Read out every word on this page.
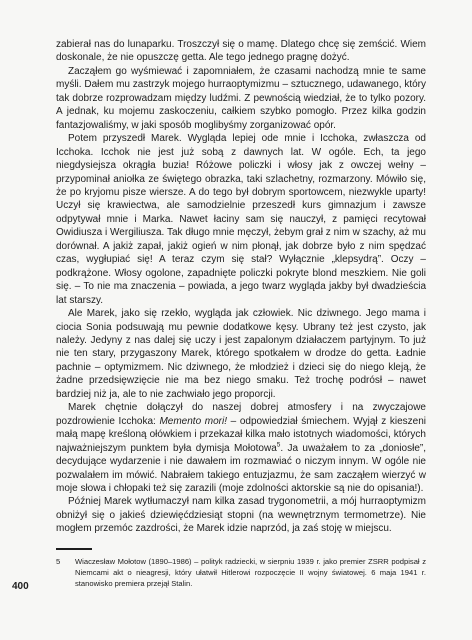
zabierał nas do lunaparku. Troszczył się o mamę. Dlatego chcę się zemścić. Wiem doskonale, że nie opuszczę getta. Ale tego jednego pragnę dożyć.

Zacząłem go wyśmiewać i zapomniałem, że czasami nachodzą mnie te same myśli. Dałem mu zastrzyk mojego hurraoptymizmu – sztucznego, udawanego, który tak dobrze rozprowadzam między ludźmi. Z pewnością wiedział, że to tylko pozory. A jednak, ku mojemu zaskoczeniu, całkiem szybko pomogło. Przez kilka godzin fantazjowaliśmy, w jaki sposób moglibyśmy zorganizować opór.

Potem przyszedł Marek. Wygląda lepiej ode mnie i Icchoka, zwłaszcza od Icchoka. Icchok nie jest już sobą z dawnych lat. W ogóle. Ech, ta jego niegdysiejsza okrągła buzia! Różowe policzki i włosy jak z owczej wełny – przypominał aniołka ze świętego obrazka, taki szlachetny, rozmarzony. Mówiło się, że po kryjomu pisze wiersze. A do tego był dobrym sportowcem, niezwykle uparty! Uczył się krawiectwa, ale samodzielnie przeszedł kurs gimnazjum i zawsze odpytywał mnie i Marka. Nawet łaciny sam się nauczył, z pamięci recytował Owidiusza i Wergiliusza. Tak długo mnie męczył, żebym grał z nim w szachy, aż mu dorównał. A jakiż zapał, jakiż ogień w nim płonął, jak dobrze było z nim spędzać czas, wygłupiać się! A teraz czym się stał? Wyłącznie „klepsydrą”. Oczy – podkrążone. Włosy ogolone, zapadnięte policzki pokryte blond meszkiem. Nie goli się. – To nie ma znaczenia – powiada, a jego twarz wygląda jakby był dwadzieścia lat starszy.

Ale Marek, jako się rzekło, wygląda jak człowiek. Nic dziwnego. Jego mama i ciocia Sonia podsuwają mu pewnie dodatkowe kęsy. Ubrany też jest czysto, jak należy. Jedyny z nas dalej się uczy i jest zapalonym działaczem partyjnym. To już nie ten stary, przygaszony Marek, którego spotkałem w drodze do getta. Ładnie pachnie – optymizmem. Nic dziwnego, że młodzież i dzieci się do niego kleją, że żadne przedsięwzięcie nie ma bez niego smaku. Też trochę podrósł – nawet bardziej niż ja, ale to nie zachwiało jego proporcji.

Marek chętnie dołączył do naszej dobrej atmosfery i na zwyczajowe pozdrowienie Icchoka: Memento mori! – odpowiedział śmiechem. Wyjął z kieszeni małą mapę kreśloną ołówkiem i przekazał kilka mało istotnych wiadomości, których najważniejszym punktem była dymisja Mołotowa$^5$. Ja uważałem to za „doniosłe”, decydujące wydarzenie i nie dawałem im rozmawiać o niczym innym. W ogóle nie pozwalałem im mówić. Nabrałem takiego entuzjazmu, że sam zacząłem wierzyć w moje słowa i chłopaki też się zarazili (moje zdolności aktorskie są nie do opisania!).

Później Marek wytłumaczył nam kilka zasad trygonometrii, a mój hurraoptymizm obniżył się o jakieś dziewięćdziesiąt stopni (na wewnętrznym termometrze). Nie mogłem przemóc zazdrości, że Marek idzie naprzód, ja zaś stoję w miejscu.

5 Wiaczesław Mołotow (1890–1986) – polityk radziecki, w sierpniu 1939 r. jako premier ZSRR podpisał z Niemcami akt o nieagresji, który ułatwił Hitlerowi rozpoczęcie II wojny światowej. 6 maja 1941 r. stanowisko premiera przejął Stalin.
400
